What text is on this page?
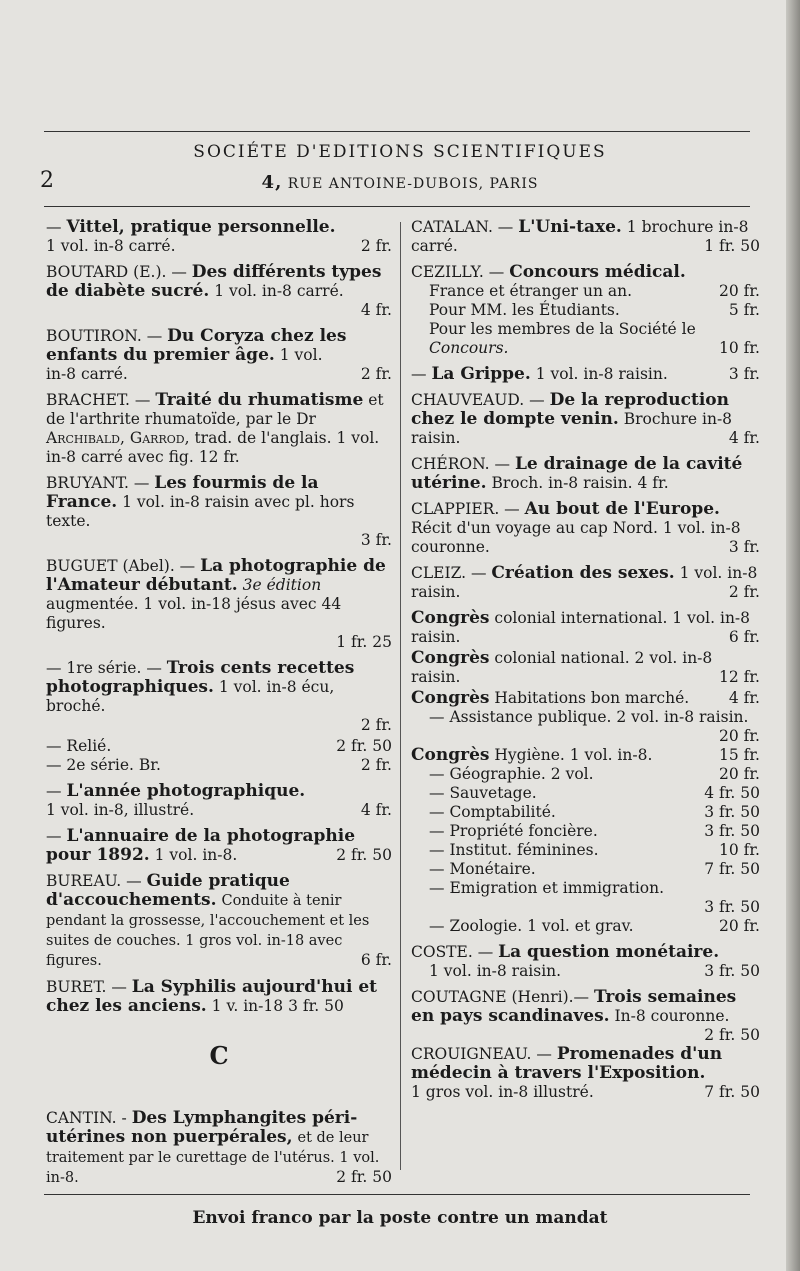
SOCIÉTE D'EDITIONS SCIENTIFIQUES
2	4, RUE ANTOINE-DUBOIS, PARIS
— Vittel, pratique personnelle.
1 vol. in-8 carré.	2 fr.
BOUTARD (E.). — Des différents types de diabète sucré. 1 vol. in-8 carré.
4 fr.
BOUTIRON. — Du Coryza chez les enfants du premier âge. 1 vol.
in-8 carré.	2 fr.
BRACHET. — Traité du rhumatisme et de l'arthrite rhumatoïde, par le Dr Archibald, Garrod, trad. de l'anglais. 1 vol. in-8 carré avec fig. 12 fr.
BRUYANT. — Les fourmis de la France. 1 vol. in-8 raisin avec pl. hors texte.
3 fr.
BUGUET (Abel). — La photographie de l'Amateur débutant. 3e édition augmentée. 1 vol. in-18 jésus avec 44 figures.
1 fr. 25
— 1re série. — Trois cents recettes photographiques. 1 vol. in-8 écu, broché.
2 fr.
— Relié.	2 fr. 50
— 2e série. Br.	2 fr.
— L'année photographique.
1 vol. in-8, illustré.	4 fr.
— L'annuaire de la photographie pour 1892. 1 vol. in-8.	2 fr. 50
BUREAU. — Guide pratique d'accouchements. Conduite à tenir pendant la grossesse, l'accouchement et les suites de couches. 1 gros vol. in-18 avec figures.	6 fr.
BURET. — La Syphilis aujourd'hui et chez les anciens. 1 v. in-18 3 fr. 50
C
CANTIN. - Des Lymphangites péri-utérines non puerpérales, et de leur traitement par le curettage de l'utérus. 1 vol. in-8.	2 fr. 50
CATALAN. — L'Uni-taxe. 1 brochure in-8 carré.	1 fr. 50
CEZILLY. — Concours médical.
France et étranger un an.	20 fr.
Pour MM. les Étudiants.	5 fr.
Pour les membres de la Société le
Concours.	10 fr.
— La Grippe. 1 vol. in-8 raisin.	3 fr.
CHAUVEAUD. — De la reproduction chez le dompte venin. Brochure in-8 raisin.	4 fr.
CHÉRON. — Le drainage de la cavité utérine. Broch. in-8 raisin. 4 fr.
CLAPPIER. — Au bout de l'Europe. Récit d'un voyage au cap Nord. 1 vol. in-8 couronne.	3 fr.
CLEIZ. — Création des sexes. 1 vol. in-8 raisin.	2 fr.
Congrès colonial international. 1 vol. in-8 raisin.	6 fr.
Congrès colonial national. 2 vol. in-8 raisin.	12 fr.
Congrès Habitations bon marché.	4 fr.
— Assistance publique. 2 vol. in-8 raisin.
20 fr.
Congrès Hygiène. 1 vol. in-8.	15 fr.
— Géographie. 2 vol.	20 fr.
— Sauvetage.	4 fr. 50
— Comptabilité.	3 fr. 50
— Propriété foncière.	3 fr. 50
— Institut. féminines.	10 fr.
— Monétaire.	7 fr. 50
— Emigration et immigration.
3 fr. 50
— Zoologie. 1 vol. et grav.	20 fr.
COSTE. — La question monétaire.
1 vol. in-8 raisin.	3 fr. 50
COUTAGNE (Henri).— Trois semaines en pays scandinaves. In-8 couronne.
2 fr. 50
CROUIGNEAU. — Promenades d'un médecin à travers l'Exposition.
1 gros vol. in-8 illustré.	7 fr. 50
Envoi franco par la poste contre un mandat
